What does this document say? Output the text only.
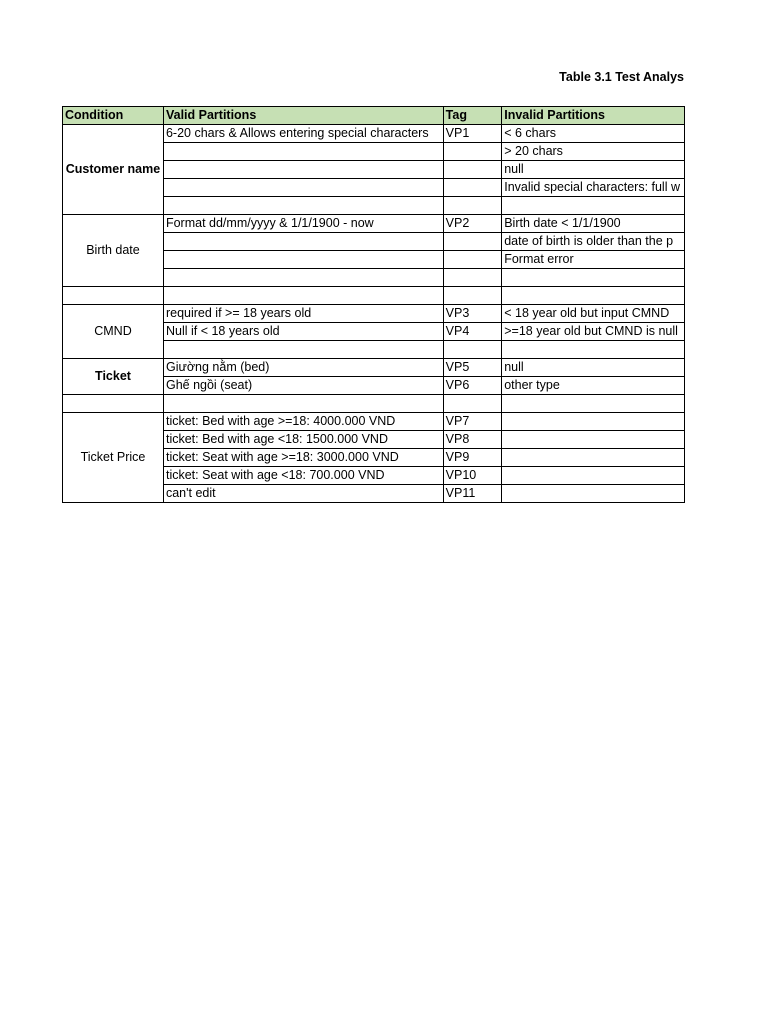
Table 3.1 Test Analys
Condition	Valid Partitions	Tag	Invalid Partitions
Customer name	6-20 chars & Allows entering special characters	VP1	< 6 chars
			> 20 chars
			null
			Invalid special characters: full w

Birth date	Format dd/mm/yyyy & 1/1/1900 - now	VP2	Birth date < 1/1/1900
			date of birth is older than the p
			Format error

CMND	required if >= 18 years old	VP3	< 18 year old but input CMND
	Null if < 18 years old	VP4	>=18 year old but CMND is null

Ticket	Giường nằm (bed)	VP5	null
	Ghế ngồi (seat)	VP6	other type

Ticket Price	ticket: Bed with age >=18: 4000.000 VND	VP7	
	ticket: Bed with age <18: 1500.000 VND	VP8	
	ticket: Seat with age >=18: 3000.000 VND	VP9	
	ticket: Seat with age <18: 700.000 VND	VP10	
	can't edit	VP11	
